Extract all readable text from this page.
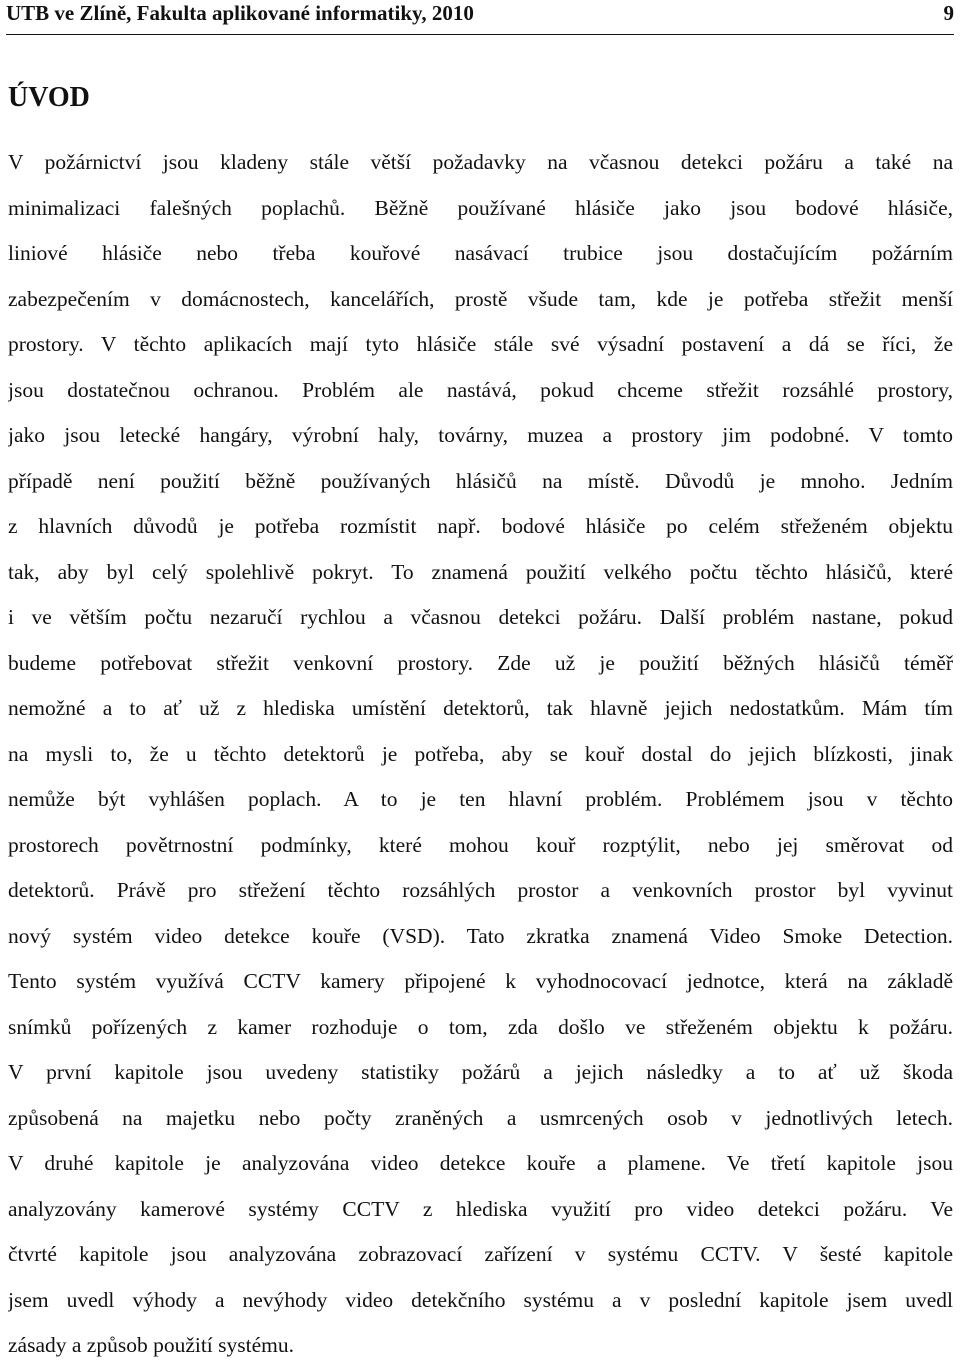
UTB ve Zlíně, Fakulta aplikované informatiky, 2010	9
ÚVOD
V požárnictví jsou kladeny stále větší požadavky na včasnou detekci požáru a také na
minimalizaci falešných poplachů. Běžně používané hlásiče jako jsou bodové hlásiče,
liniové hlásiče nebo třeba kouřové nasávací trubice jsou dostačujícím požárním
zabezpečením v domácnostech, kancelářích, prostě všude tam, kde je potřeba střežit menší
prostory. V těchto aplikacích mají tyto hlásiče stále své výsadní postavení a dá se říci, že
jsou dostatečnou ochranou. Problém ale nastává, pokud chceme střežit rozsáhlé prostory,
jako jsou letecké hangáry, výrobní haly, továrny, muzea a prostory jim podobné. V tomto
případě není použití běžně používaných hlásičů na místě. Důvodů je mnoho. Jedním
z hlavních důvodů je potřeba rozmístit např. bodové hlásiče po celém střeženém objektu
tak, aby byl celý spolehlivě pokryt. To znamená použití velkého počtu těchto hlásičů, které
i ve větším počtu nezaručí rychlou a včasnou detekci požáru. Další problém nastane, pokud
budeme potřebovat střežit venkovní prostory. Zde už je použití běžných hlásičů téměř
nemožné a to ať už z hlediska umístění detektorů, tak hlavně jejich nedostatkům. Mám tím
na mysli to, že u těchto detektorů je potřeba, aby se kouř dostal do jejich blízkosti, jinak
nemůže být vyhlášen poplach. A to je ten hlavní problém. Problémem jsou v těchto
prostorech povětrnostní podmínky, které mohou kouř rozptýlit, nebo jej směrovat od
detektorů. Právě pro střežení těchto rozsáhlých prostor a venkovních prostor byl vyvinut
nový systém video detekce kouře (VSD). Tato zkratka znamená Video Smoke Detection.
Tento systém využívá CCTV kamery připojené k vyhodnocovací jednotce, která na základě
snímků pořízených z kamer rozhoduje o tom, zda došlo ve střeženém objektu k požáru.
V první kapitole jsou uvedeny statistiky požárů a jejich následky a to ať už škoda
způsobená na majetku nebo počty zraněných a usmrcených osob v jednotlivých letech.
V druhé kapitole je analyzována video detekce kouře a plamene. Ve třetí kapitole jsou
analyzovány kamerové systémy CCTV z hlediska využití pro video detekci požáru. Ve
čtvrté kapitole jsou analyzována zobrazovací zařízení v systému CCTV. V šesté kapitole
jsem uvedl výhody a nevýhody video detekčního systému a v poslední kapitole jsem uvedl
zásady a způsob použití systému.
